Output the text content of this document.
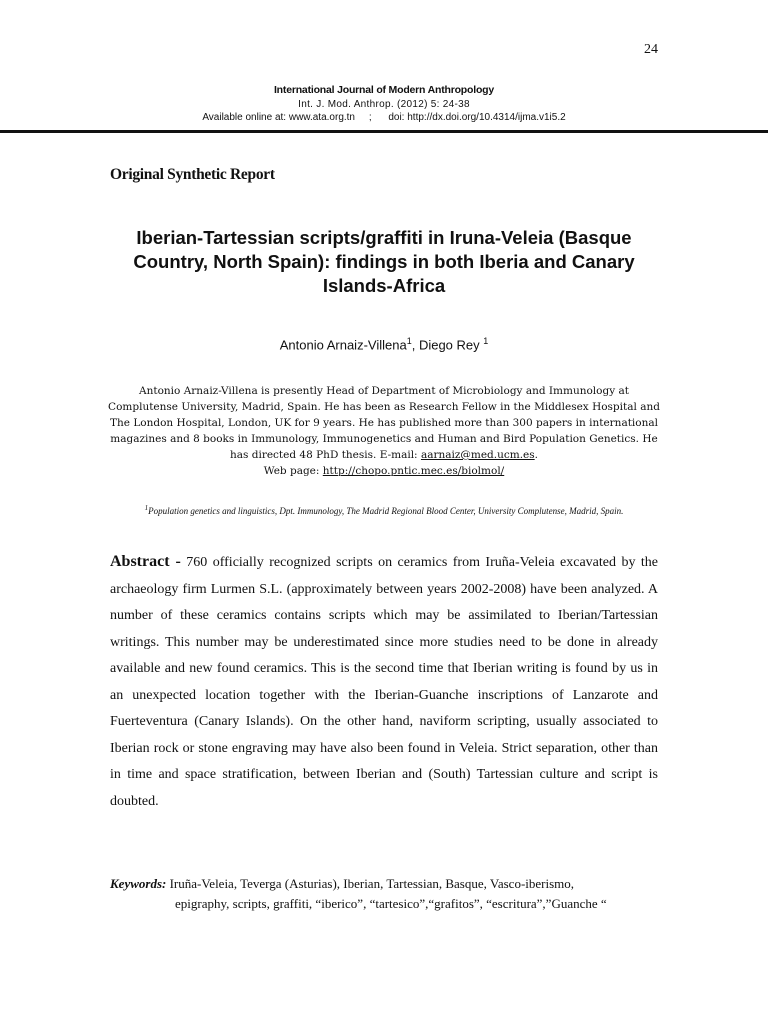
24
International Journal of Modern Anthropology
Int. J. Mod. Anthrop. (2012) 5: 24-38
Available online at: www.ata.org.tn     ;      doi: http://dx.doi.org/10.4314/ijma.v1i5.2
Original Synthetic Report
Iberian-Tartessian scripts/graffiti in Iruna-Veleia (Basque Country, North Spain): findings in both Iberia and Canary Islands-Africa
Antonio Arnaiz-Villena$^1$, Diego Rey $^1$
Antonio Arnaiz-Villena is presently Head of Department of Microbiology and Immunology at Complutense University, Madrid, Spain. He has been as Research Fellow in the Middlesex Hospital and The London Hospital, London, UK for 9 years. He has published more than 300 papers in international magazines and 8 books in Immunology, Immunogenetics and Human and Bird Population Genetics. He has directed 48 PhD thesis. E-mail: aarnaiz@med.ucm.es.
Web page: http://chopo.pntic.mec.es/biolmol/
$^1$Population genetics and linguistics, Dpt. Immunology, The Madrid Regional Blood Center, University Complutense, Madrid, Spain.
Abstract - 760 officially recognized scripts on ceramics from Iruña-Veleia excavated by the archaeology firm Lurmen S.L. (approximately between years 2002-2008) have been analyzed. A number of these ceramics contains scripts which may be assimilated to Iberian/Tartessian writings. This number may be underestimated since more studies need to be done in already available and new found ceramics. This is the second time that Iberian writing is found by us in an unexpected location together with the Iberian-Guanche inscriptions of Lanzarote and Fuerteventura (Canary Islands). On the other hand, naviform scripting, usually associated to Iberian rock or stone engraving may have also been found in Veleia. Strict separation, other than in time and space stratification, between Iberian and (South) Tartessian culture and script is doubted.
Keywords: Iruña-Veleia, Teverga (Asturias), Iberian, Tartessian, Basque, Vasco-iberismo,
epigraphy, scripts, graffiti, “iberico”, “tartesico”,“grafitos”, “escritura”,”Guanche “
